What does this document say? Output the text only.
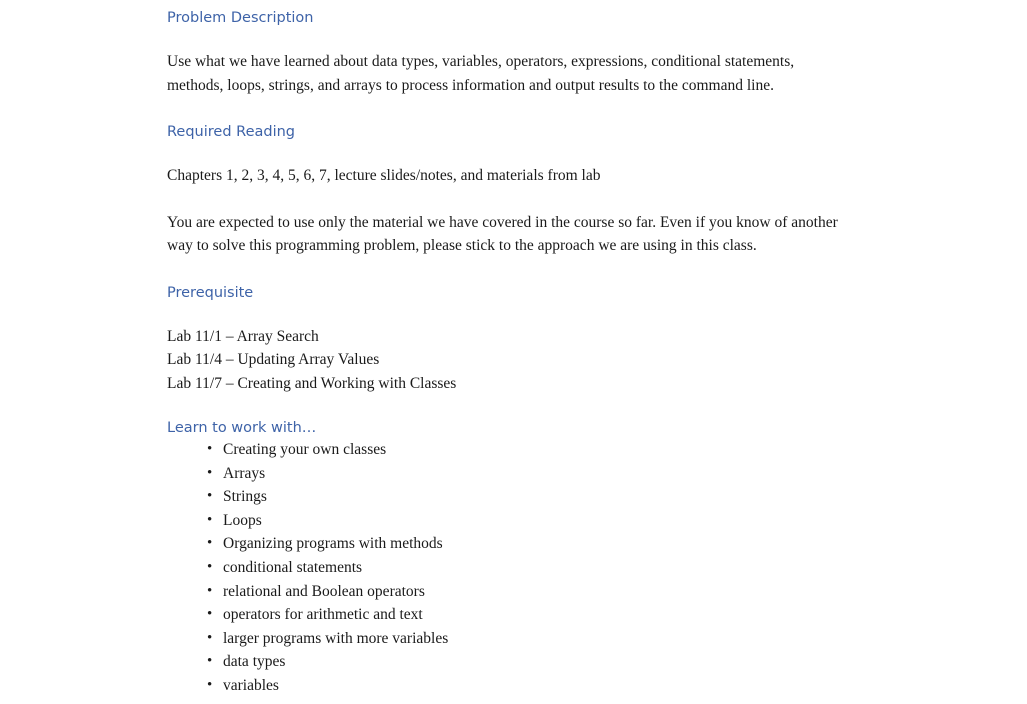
Problem Description
Use what we have learned about data types, variables, operators, expressions, conditional statements,
methods, loops, strings, and arrays to process information and output results to the command line.
Required Reading

Chapters 1, 2, 3, 4, 5, 6, 7, lecture slides/notes, and materials from lab

You are expected to use only the material we have covered in the course so far. Even if you know of another
way to solve this programming problem, please stick to the approach we are using in this class.
Prerequisite
Lab 11/1 – Array Search
Lab 11/4 – Updating Array Values
Lab 11/7 – Creating and Working with Classes
Learn to work with…
• Creating your own classes
• Arrays
• Strings
• Loops
• Organizing programs with methods
• conditional statements
• relational and Boolean operators
• operators for arithmetic and text
• larger programs with more variables
• data types
• variables
